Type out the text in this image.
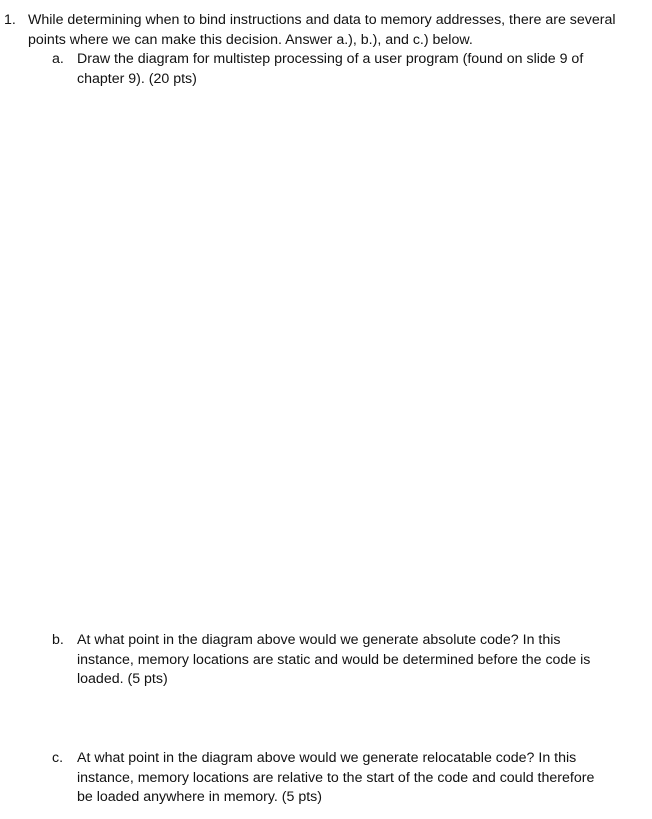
1. While determining when to bind instructions and data to memory addresses, there are several points where we can make this decision. Answer a.), b.), and c.) below.
a. Draw the diagram for multistep processing of a user program (found on slide 9 of chapter 9). (20 pts)
b. At what point in the diagram above would we generate absolute code? In this instance, memory locations are static and would be determined before the code is loaded. (5 pts)
c. At what point in the diagram above would we generate relocatable code? In this instance, memory locations are relative to the start of the code and could therefore be loaded anywhere in memory. (5 pts)
